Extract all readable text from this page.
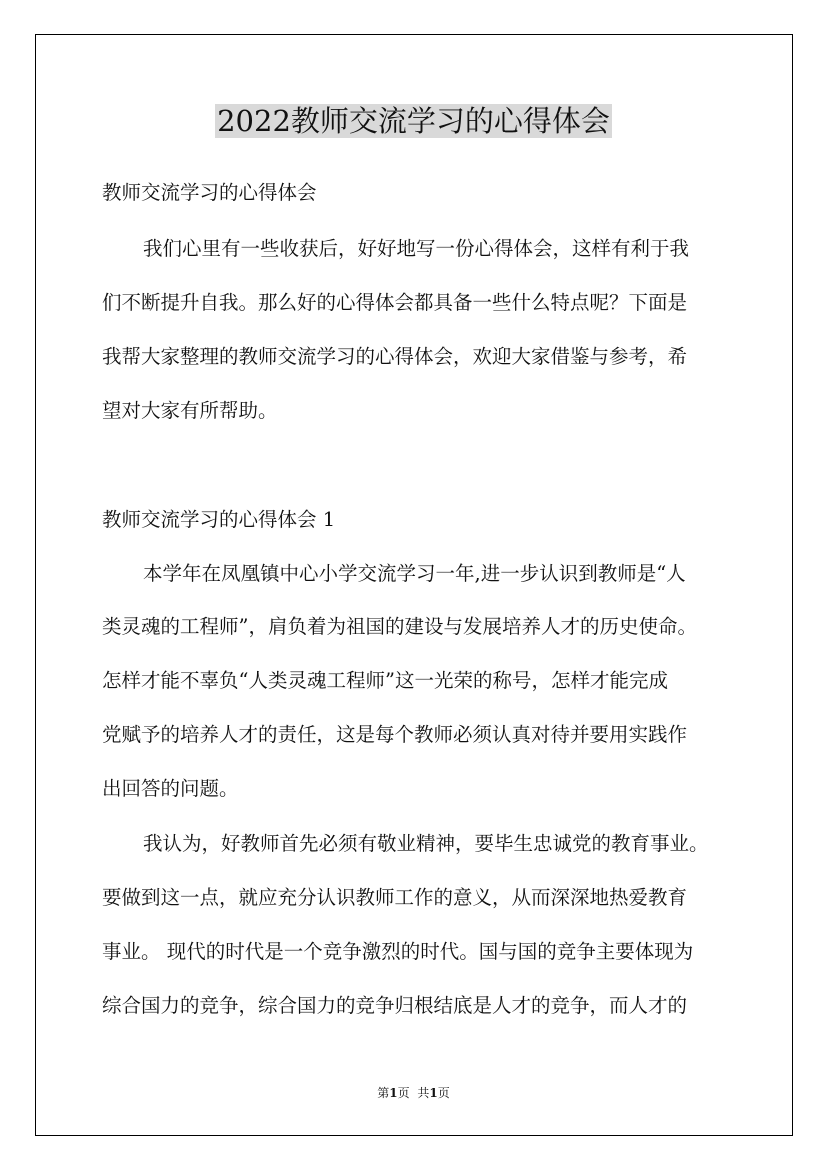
2022教师交流学习的心得体会

教师交流学习的心得体会

我们心里有一些收获后，好好地写一份心得体会，这样有利于我

们不断提升自我。那么好的心得体会都具备一些什么特点呢？下面是

我帮大家整理的教师交流学习的心得体会，欢迎大家借鉴与参考，希

望对大家有所帮助。

教师交流学习的心得体会 1

本学年在凤凰镇中心小学交流学习一年,进一步认识到教师是“人

类灵魂的工程师”，肩负着为祖国的建设与发展培养人才的历史使命。

怎样才能不辜负“人类灵魂工程师”这一光荣的称号，怎样才能完成

党赋予的培养人才的责任，这是每个教师必须认真对待并要用实践作

出回答的问题。

我认为，好教师首先必须有敬业精神，要毕生忠诚党的教育事业。

要做到这一点，就应充分认识教师工作的意义，从而深深地热爱教育

事业。 现代的时代是一个竞争激烈的时代。国与国的竞争主要体现为

综合国力的竞争，综合国力的竞争归根结底是人才的竞争，而人才的

第1页 共1页
